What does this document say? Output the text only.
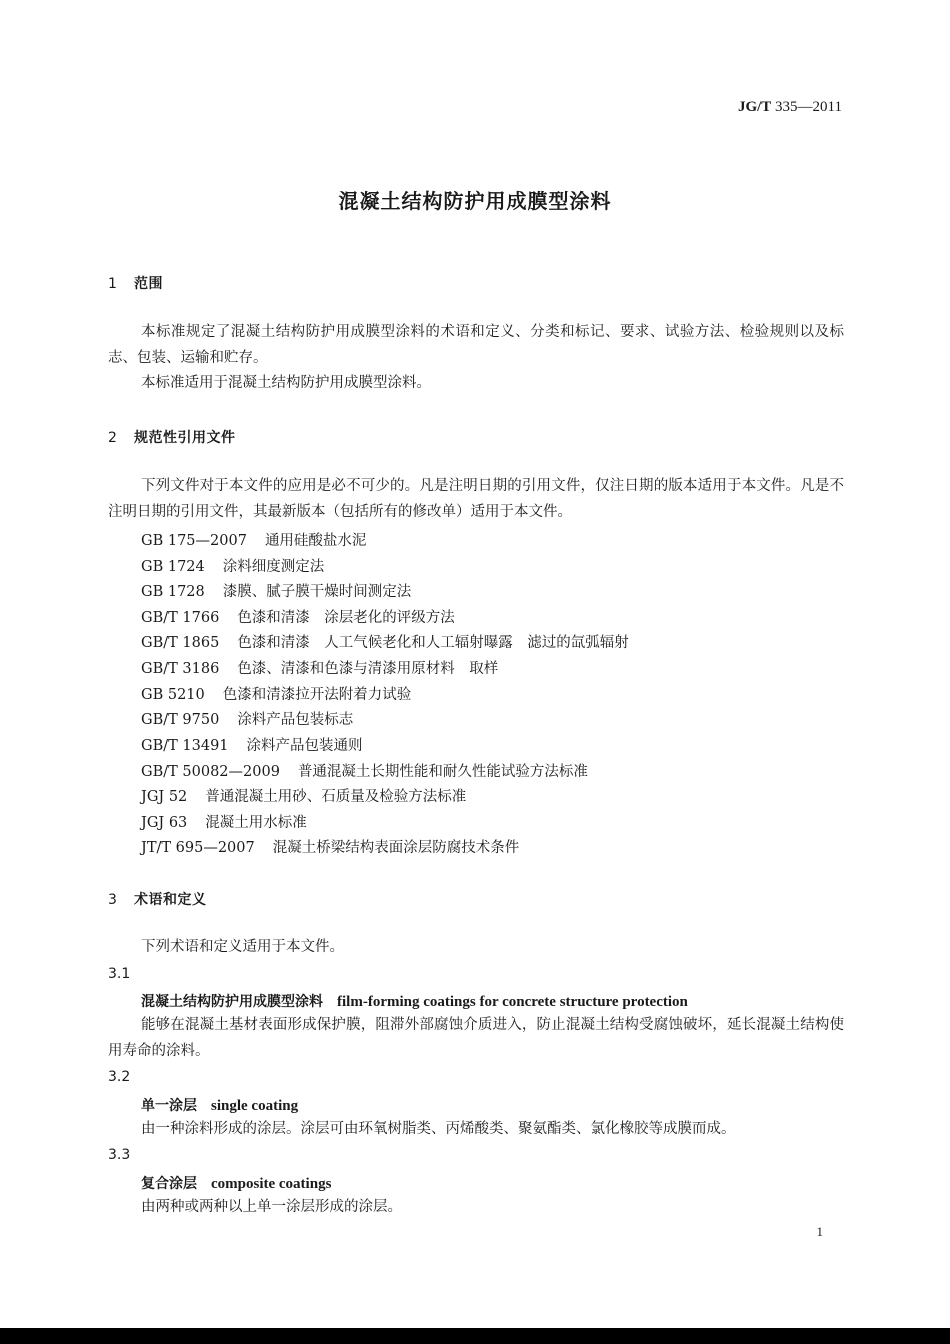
JG/T 335—2011
混凝土结构防护用成膜型涂料
1 范围
本标准规定了混凝土结构防护用成膜型涂料的术语和定义、分类和标记、要求、试验方法、检验规则以及标志、包装、运输和贮存。
本标准适用于混凝土结构防护用成膜型涂料。
2 规范性引用文件
下列文件对于本文件的应用是必不可少的。凡是注明日期的引用文件，仅注日期的版本适用于本文件。凡是不注明日期的引用文件，其最新版本（包括所有的修改单）适用于本文件。
GB 175—2007 通用硅酸盐水泥
GB 1724 涂料细度测定法
GB 1728 漆膜、腻子膜干燥时间测定法
GB/T 1766 色漆和清漆　涂层老化的评级方法
GB/T 1865 色漆和清漆　人工气候老化和人工辐射曝露　滤过的氙弧辐射
GB/T 3186 色漆、清漆和色漆与清漆用原材料　取样
GB 5210 色漆和清漆拉开法附着力试验
GB/T 9750 涂料产品包装标志
GB/T 13491 涂料产品包装通则
GB/T 50082—2009 普通混凝土长期性能和耐久性能试验方法标准
JGJ 52 普通混凝土用砂、石质量及检验方法标准
JGJ 63 混凝土用水标准
JT/T 695—2007 混凝土桥梁结构表面涂层防腐技术条件
3 术语和定义
下列术语和定义适用于本文件。
3.1
混凝土结构防护用成膜型涂料 film-forming coatings for concrete structure protection
能够在混凝土基材表面形成保护膜，阻滞外部腐蚀介质进入，防止混凝土结构受腐蚀破坏，延长混凝土结构使用寿命的涂料。
3.2
单一涂层 single coating
由一种涂料形成的涂层。涂层可由环氧树脂类、丙烯酸类、聚氨酯类、氯化橡胶等成膜而成。
3.3
复合涂层 composite coatings
由两种或两种以上单一涂层形成的涂层。
1
